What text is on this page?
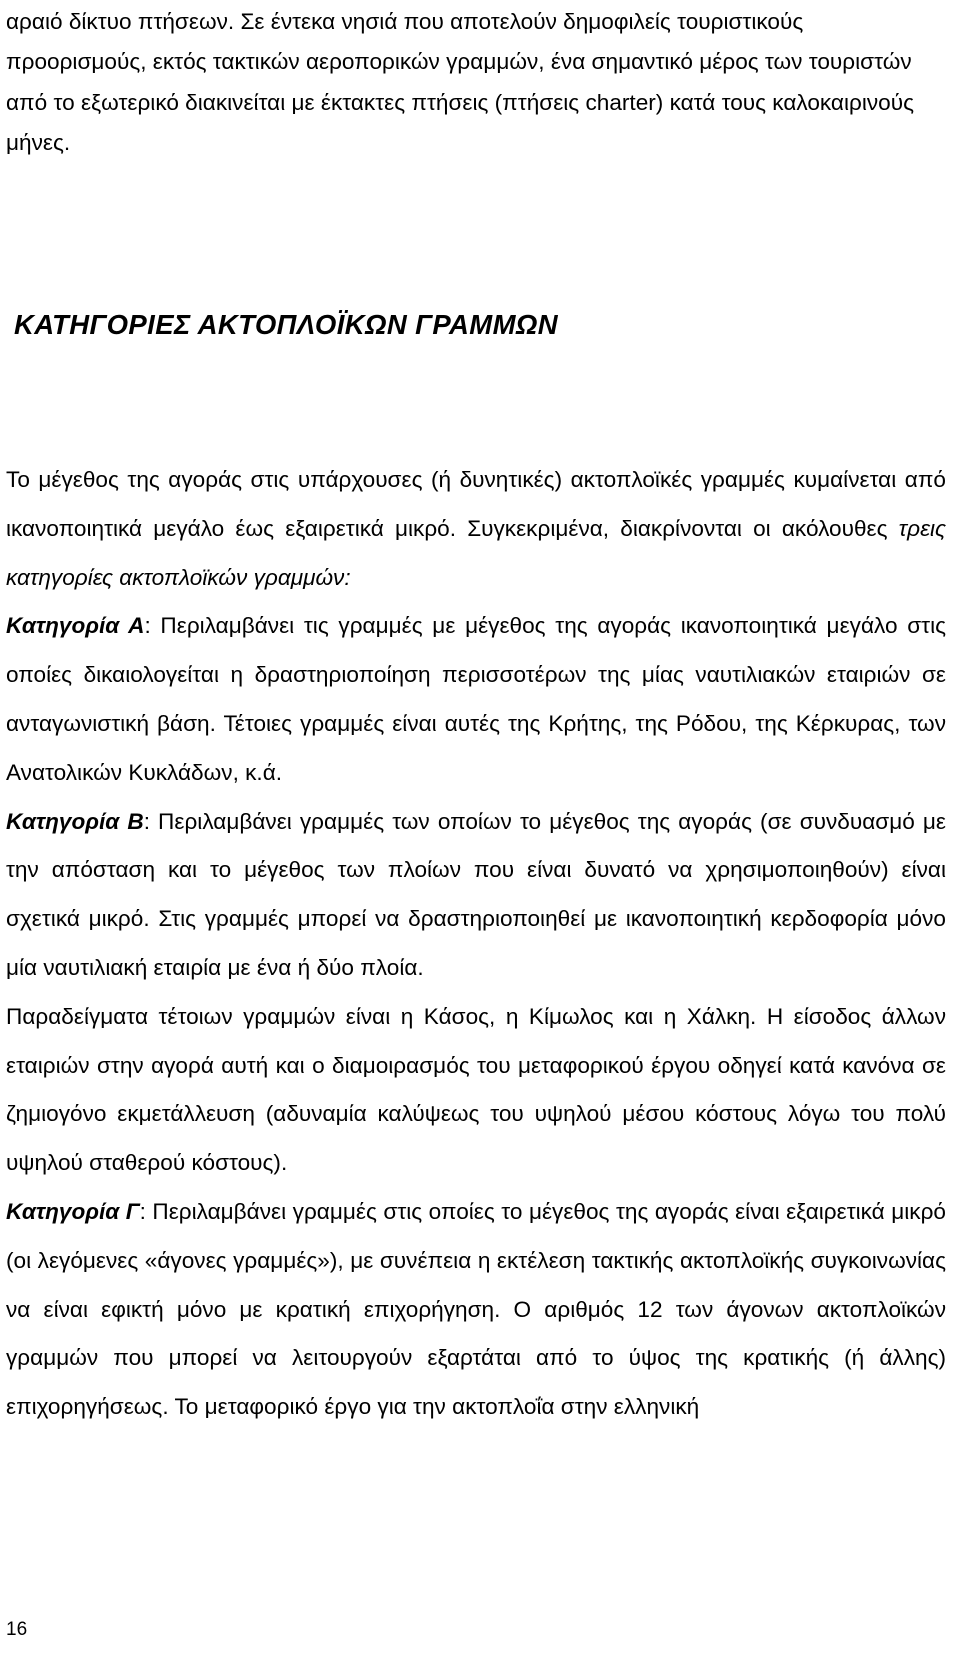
αραιό δίκτυο πτήσεων. Σε έντεκα νησιά που αποτελούν δημοφιλείς τουριστικούς προορισμούς, εκτός τακτικών αεροπορικών γραμμών, ένα σημαντικό μέρος των τουριστών από το εξωτερικό διακινείται με έκτακτες πτήσεις (πτήσεις charter) κατά τους καλοκαιρινούς μήνες.

ΚΑΤΗΓΟΡΙΕΣ ΑΚΤΟΠΛΟΪΚΩΝ ΓΡΑΜΜΩΝ

Το μέγεθος της αγοράς στις υπάρχουσες (ή δυνητικές) ακτοπλοϊκές γραμμές κυμαίνεται από ικανοποιητικά μεγάλο έως εξαιρετικά μικρό. Συγκεκριμένα, διακρίνονται οι ακόλουθες τρεις κατηγορίες ακτοπλοϊκών γραμμών:

Κατηγορία Α: Περιλαμβάνει τις γραμμές με μέγεθος της αγοράς ικανοποιητικά μεγάλο στις οποίες δικαιολογείται η δραστηριοποίηση περισσοτέρων της μίας ναυτιλιακών εταιριών σε ανταγωνιστική βάση. Τέτοιες γραμμές είναι αυτές της Κρήτης, της Ρόδου, της Κέρκυρας, των Ανατολικών Κυκλάδων, κ.ά.

Κατηγορία Β: Περιλαμβάνει γραμμές των οποίων το μέγεθος της αγοράς (σε συνδυασμό με την απόσταση και το μέγεθος των πλοίων που είναι δυνατό να χρησιμοποιηθούν) είναι σχετικά μικρό. Στις γραμμές μπορεί να δραστηριοποιηθεί με ικανοποιητική κερδοφορία μόνο μία ναυτιλιακή εταιρία με ένα ή δύο πλοία.

Παραδείγματα τέτοιων γραμμών είναι η Κάσος, η Κίμωλος και η Χάλκη. Η είσοδος άλλων εταιριών στην αγορά αυτή και ο διαμοιρασμός του μεταφορικού έργου οδηγεί κατά κανόνα σε ζημιογόνο εκμετάλλευση (αδυναμία καλύψεως του υψηλού μέσου κόστους λόγω του πολύ υψηλού σταθερού κόστους).

Κατηγορία Γ: Περιλαμβάνει γραμμές στις οποίες το μέγεθος της αγοράς είναι εξαιρετικά μικρό (οι λεγόμενες «άγονες γραμμές»), με συνέπεια η εκτέλεση τακτικής ακτοπλοϊκής συγκοινωνίας να είναι εφικτή μόνο με κρατική επιχορήγηση. Ο αριθμός 12 των άγονων ακτοπλοϊκών γραμμών που μπορεί να λειτουργούν εξαρτάται από το ύψος της κρατικής (ή άλλης) επιχορηγήσεως. Το μεταφορικό έργο για την ακτοπλοΐα στην ελληνική

16
